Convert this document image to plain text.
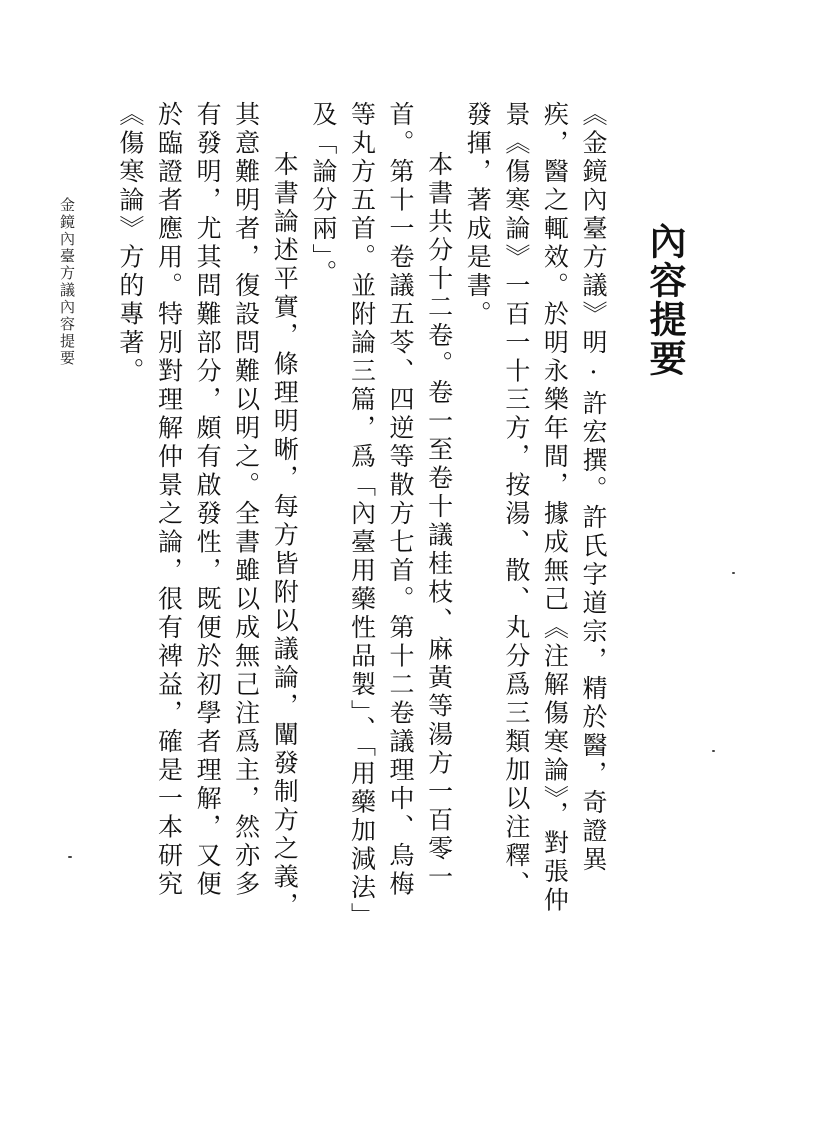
內容提要

《金鏡內臺方議》明·許宏撰。許氏字道宗，精於醫，奇證異疾，醫之輒效。於明永樂年間，據成無己《注解傷寒論》，對張仲景《傷寒論》一百一十三方，按湯、散、丸分爲三類加以注釋、發揮，著成是書。

本書共分十二卷。卷一至卷十議桂枝、麻黃等湯方一百零一首。第十一卷議五苓、四逆等散方七首。第十二卷議理中、烏梅等丸方五首。並附論三篇，爲「內臺用藥性品製」、「用藥加減法」及「論分兩」。

本書論述平實，條理明晰，每方皆附以議論，闡發制方之義，其意難明者，復設問難以明之。全書雖以成無己注爲主，然亦多有發明，尤其問難部分，頗有啟發性，既便於初學者理解，又便於臨證者應用。特別對理解仲景之論，很有裨益，確是一本研究《傷寒論》方的專著。

金鏡內臺方議內容提要
